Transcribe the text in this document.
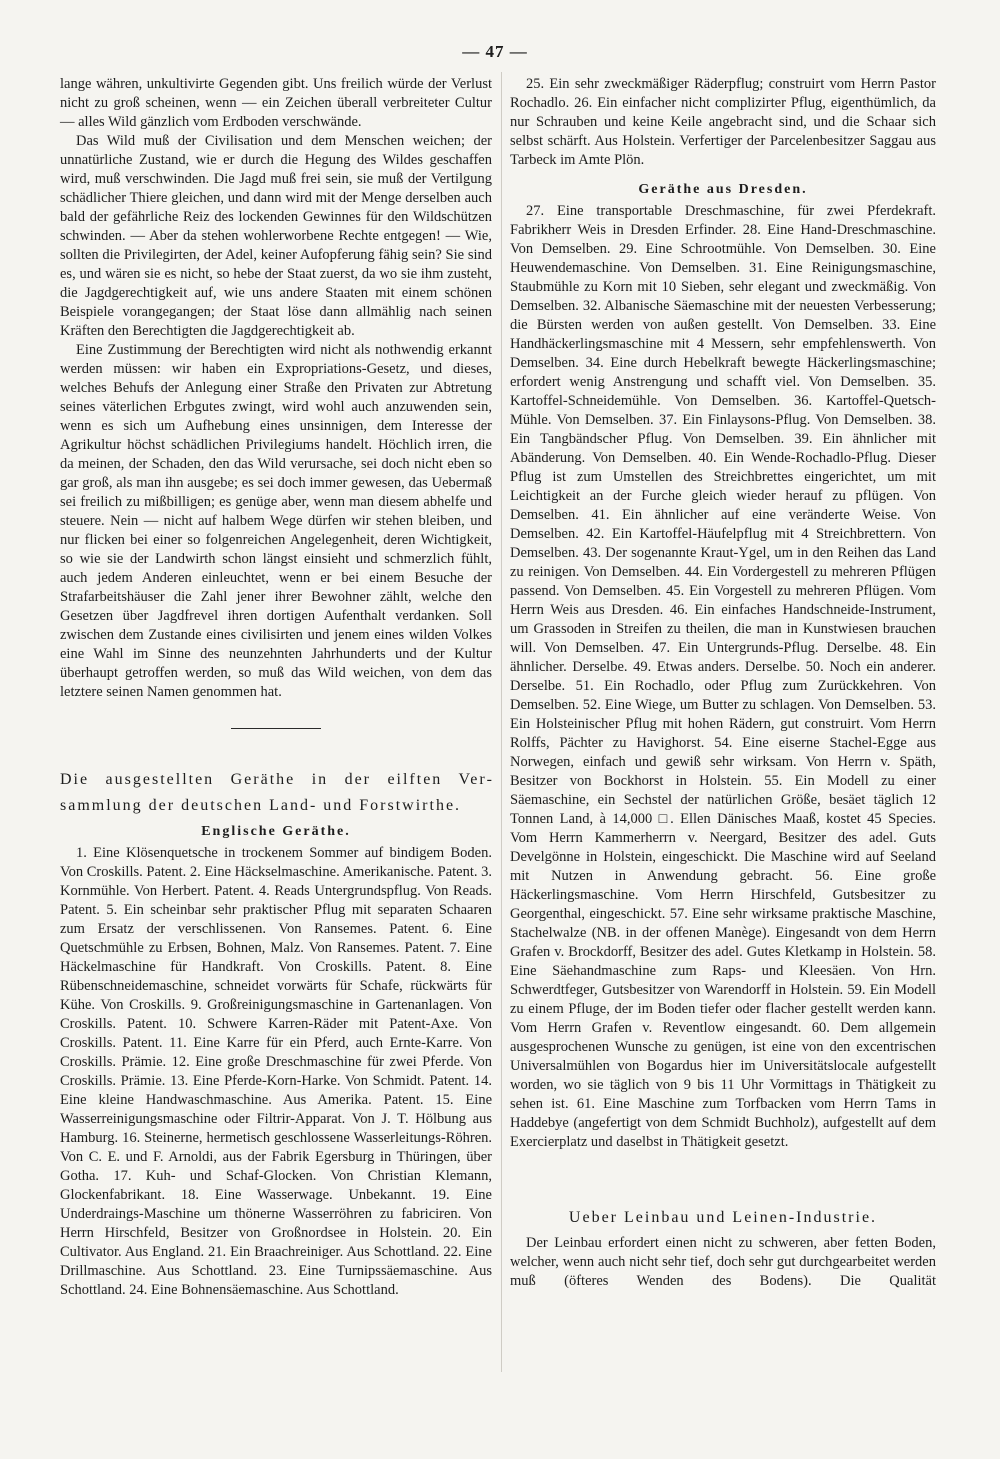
— 47 —

lange währen, unkultivirte Gegenden gibt. Uns freilich würde der Verlust nicht zu groß scheinen, wenn — ein Zeichen überall verbreiteter Cultur — alles Wild gänzlich vom Erdboden verschwände.

Das Wild muß der Civilisation und dem Menschen weichen; der unnatürliche Zustand, wie er durch die Hegung des Wildes geschaffen wird, muß verschwinden. Die Jagd muß frei sein, sie muß der Vertilgung schädlicher Thiere gleichen, und dann wird mit der Menge derselben auch bald der gefährliche Reiz des lockenden Gewinnes für den Wildschützen schwinden. — Aber da stehen wohlerworbene Rechte entgegen! — Wie, sollten die Privilegirten, der Adel, keiner Aufopferung fähig sein? Sie sind es, und wären sie es nicht, so hebe der Staat zuerst, da wo sie ihm zusteht, die Jagdgerechtigkeit auf, wie uns andere Staaten mit einem schönen Beispiele vorangegangen; der Staat löse dann allmählig nach seinen Kräften den Berechtigten die Jagdgerechtigkeit ab.

Eine Zustimmung der Berechtigten wird nicht als nothwendig erkannt werden müssen: wir haben ein Expropriations-Gesetz, und dieses, welches Behufs der Anlegung einer Straße den Privaten zur Abtretung seines väterlichen Erbgutes zwingt, wird wohl auch anzuwenden sein, wenn es sich um Aufhebung eines unsinnigen, dem Interesse der Agrikultur höchst schädlichen Privilegiums handelt. Höchlich irren, die da meinen, der Schaden, den das Wild verursache, sei doch nicht eben so gar groß, als man ihn ausgebe; es sei doch immer gewesen, das Uebermaß sei freilich zu mißbilligen; es genüge aber, wenn man diesem abhelfe und steuere. Nein — nicht auf halbem Wege dürfen wir stehen bleiben, und nur flicken bei einer so folgenreichen Angelegenheit, deren Wichtigkeit, so wie sie der Landwirth schon längst einsieht und schmerzlich fühlt, auch jedem Anderen einleuchtet, wenn er bei einem Besuche der Strafarbeitshäuser die Zahl jener ihrer Bewohner zählt, welche den Gesetzen über Jagdfrevel ihren dortigen Aufenthalt verdanken. Soll zwischen dem Zustande eines civilisirten und jenem eines wilden Volkes eine Wahl im Sinne des neunzehnten Jahrhunderts und der Kultur überhaupt getroffen werden, so muß das Wild weichen, von dem das letztere seinen Namen genommen hat.

Die ausgestellten Geräthe in der eilften Versammlung der deutschen Land- und Forstwirthe.
Englische Geräthe.

1. Eine Klösenquetsche in trockenem Sommer auf bindigem Boden. Von Croskills. Patent. 2. Eine Häckselmaschine. Amerikanische. Patent. 3. Kornmühle. Von Herbert. Patent. 4. Reads Untergrundspflug. Von Reads. Patent. 5. Ein scheinbar sehr praktischer Pflug mit separaten Schaaren zum Ersatz der verschlissenen. Von Ransemes. Patent. 6. Eine Quetschmühle zu Erbsen, Bohnen, Malz. Von Ransemes. Patent. 7. Eine Häckelmaschine für Handkraft. Von Croskills. Patent. 8. Eine Rübenschneidemaschine, schneidet vorwärts für Schafe, rückwärts für Kühe. Von Croskills. 9. Großreinigungsmaschine in Gartenanlagen. Von Croskills. Patent. 10. Schwere Karren-Räder mit Patent-Axe. Von Croskills. Patent. 11. Eine Karre für ein Pferd, auch Ernte-Karre. Von Croskills. Prämie. 12. Eine große Dreschmaschine für zwei Pferde. Von Croskills. Prämie. 13. Eine Pferde-Korn-Harke. Von Schmidt. Patent. 14. Eine kleine Handwaschmaschine. Aus Amerika. Patent. 15. Eine Wasserreinigungsmaschine oder Filtrir-Apparat. Von J. T. Hölbung aus Hamburg. 16. Steinerne, hermetisch geschlossene Wasserleitungs-Röhren. Von C. E. und F. Arnoldi, aus der Fabrik Egersburg in Thüringen, über Gotha. 17. Kuh- und Schaf-Glocken. Von Christian Klemann, Glockenfabrikant. 18. Eine Wasserwage. Unbekannt. 19. Eine Underdraings-Maschine um thönerne Wasserröhren zu fabriciren. Von Herrn Hirschfeld, Besitzer von Großnordsee in Holstein. 20. Ein Cultivator. Aus England. 21. Ein Braachreiniger. Aus Schottland. 22. Eine Drillmaschine. Aus Schottland. 23. Eine Turnipssäemaschine. Aus Schottland. 24. Eine Bohnensäemaschine. Aus Schottland.

25. Ein sehr zweckmäßiger Räderpflug; construirt vom Herrn Pastor Rochadlo. 26. Ein einfacher nicht complizirter Pflug, eigenthümlich, da nur Schrauben und keine Keile angebracht sind, und die Schaar sich selbst schärft. Aus Holstein. Verfertiger der Parcelenbesitzer Saggau aus Tarbeck im Amte Plön.

Geräthe aus Dresden.

27. Eine transportable Dreschmaschine, für zwei Pferdekraft. Fabrikherr Weis in Dresden Erfinder. 28. Eine Hand-Dreschmaschine. Von Demselben. 29. Eine Schrootmühle. Von Demselben. 30. Eine Heuwendemaschine. Von Demselben. 31. Eine Reinigungsmaschine, Staubmühle zu Korn mit 10 Sieben, sehr elegant und zweckmäßig. Von Demselben. 32. Albanische Säemaschine mit der neuesten Verbesserung; die Bürsten werden von außen gestellt. Von Demselben. 33. Eine Handhäckerlingsmaschine mit 4 Messern, sehr empfehlenswerth. Von Demselben. 34. Eine durch Hebelkraft bewegte Häckerlingsmaschine; erfordert wenig Anstrengung und schafft viel. Von Demselben. 35. Kartoffel-Schneidemühle. Von Demselben. 36. Kartoffel-Quetsch-Mühle. Von Demselben. 37. Ein Finlaysons-Pflug. Von Demselben. 38. Ein Tangbändscher Pflug. Von Demselben. 39. Ein ähnlicher mit Abänderung. Von Demselben. 40. Ein Wende-Rochadlo-Pflug. Dieser Pflug ist zum Umstellen des Streichbrettes eingerichtet, um mit Leichtigkeit an der Furche gleich wieder herauf zu pflügen. Von Demselben. 41. Ein ähnlicher auf eine veränderte Weise. Von Demselben. 42. Ein Kartoffel-Häufelpflug mit 4 Streichbrettern. Von Demselben. 43. Der sogenannte Kraut-Ygel, um in den Reihen das Land zu reinigen. Von Demselben. 44. Ein Vordergestell zu mehreren Pflügen passend. Von Demselben. 45. Ein Vorgestell zu mehreren Pflügen. Vom Herrn Weis aus Dresden. 46. Ein einfaches Handschneide-Instrument, um Grassoden in Streifen zu theilen, die man in Kunstwiesen brauchen will. Von Demselben. 47. Ein Untergrunds-Pflug. Derselbe. 48. Ein ähnlicher. Derselbe. 49. Etwas anders. Derselbe. 50. Noch ein anderer. Derselbe. 51. Ein Rochadlo, oder Pflug zum Zurückkehren. Von Demselben. 52. Eine Wiege, um Butter zu schlagen. Von Demselben. 53. Ein Holsteinischer Pflug mit hohen Rädern, gut construirt. Vom Herrn Rolffs, Pächter zu Havighorst. 54. Eine eiserne Stachel-Egge aus Norwegen, einfach und gewiß sehr wirksam. Von Herrn v. Späth, Besitzer von Bockhorst in Holstein. 55. Ein Modell zu einer Säemaschine, ein Sechstel der natürlichen Größe, besäet täglich 12 Tonnen Land, à 14,000 □. Ellen Dänisches Maaß, kostet 45 Species. Vom Herrn Kammerherrn v. Neergard, Besitzer des adel. Guts Develgönne in Holstein, eingeschickt. Die Maschine wird auf Seeland mit Nutzen in Anwendung gebracht. 56. Eine große Häckerlingsmaschine. Vom Herrn Hirschfeld, Gutsbesitzer zu Georgenthal, eingeschickt. 57. Eine sehr wirksame praktische Maschine, Stachelwalze (NB. in der offenen Manège). Eingesandt von dem Herrn Grafen v. Brockdorff, Besitzer des adel. Gutes Kletkamp in Holstein. 58. Eine Säehandmaschine zum Raps- und Kleesäen. Von Hrn. Schwerdtfeger, Gutsbesitzer von Warendorff in Holstein. 59. Ein Modell zu einem Pfluge, der im Boden tiefer oder flacher gestellt werden kann. Vom Herrn Grafen v. Reventlow eingesandt. 60. Dem allgemein ausgesprochenen Wunsche zu genügen, ist eine von den excentrischen Universalmühlen von Bogardus hier im Universitätslocale aufgestellt worden, wo sie täglich von 9 bis 11 Uhr Vormittags in Thätigkeit zu sehen ist. 61. Eine Maschine zum Torfbacken vom Herrn Tams in Haddebye (angefertigt von dem Schmidt Buchholz), aufgestellt auf dem Exercierplatz und daselbst in Thätigkeit gesetzt.

Ueber Leinbau und Leinen-Industrie.

Der Leinbau erfordert einen nicht zu schweren, aber fetten Boden, welcher, wenn auch nicht sehr tief, doch sehr gut durchgearbeitet werden muß (öfteres Wenden des Bodens). Die Qualität
